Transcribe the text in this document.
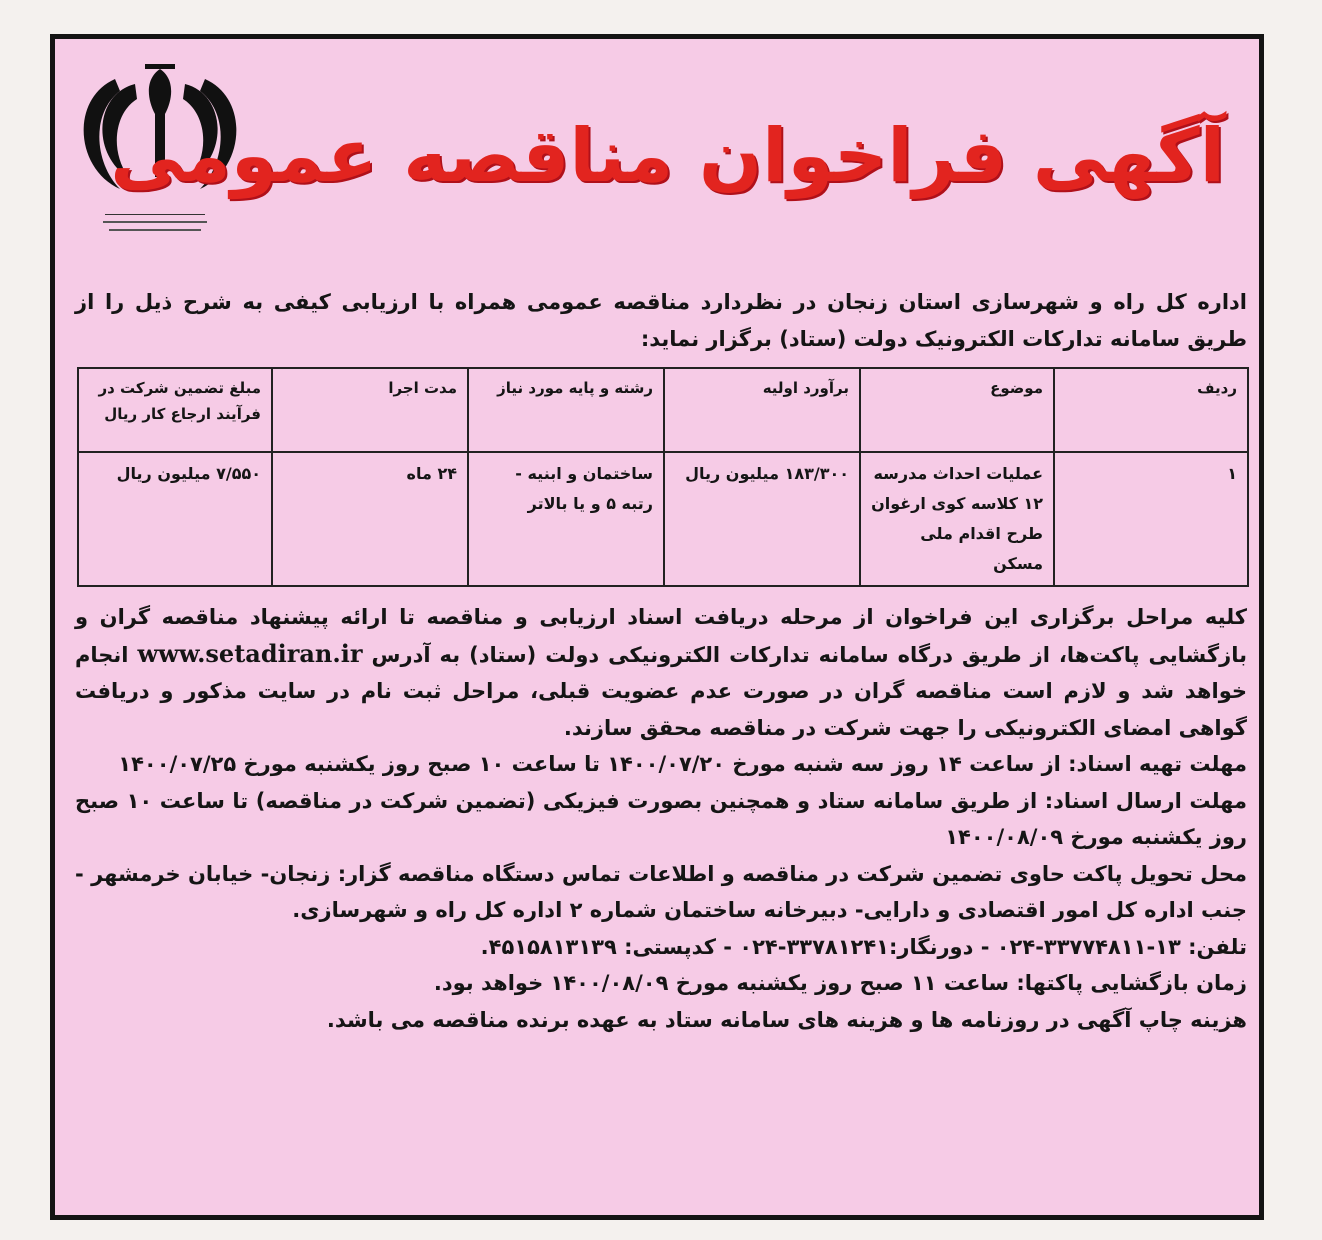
آگهی فراخوان مناقصه عمومی
اداره کل راه و شهرسازی استان زنجان در نظردارد مناقصه عمومی همراه با ارزیابی کیفی به شرح ذیل را از طریق سامانه تدارکات الکترونیک دولت (ستاد) برگزار نماید:
ردیف	موضوع	برآورد اولیه	رشته و پایه مورد نیاز	مدت اجرا	مبلغ تضمین شرکت در فرآیند ارجاع کار ریال
۱	عملیات احداث مدرسه ۱۲ کلاسه کوی ارغوان طرح اقدام ملی مسکن	۱۸۳/۳۰۰ میلیون ریال	ساختمان و ابنیه - رتبه ۵ و یا بالاتر	۲۴ ماه	۷/۵۵۰ میلیون ریال

کلیه مراحل برگزاری این فراخوان از مرحله دریافت اسناد ارزیابی و مناقصه تا ارائه پیشنهاد مناقصه گران و بازگشایی پاکت‌ها، از طریق درگاه سامانه تدارکات الکترونیکی دولت (ستاد) به آدرس www.setadiran.ir انجام خواهد شد و لازم است مناقصه گران در صورت عدم عضویت قبلی، مراحل ثبت نام در سایت مذکور و دریافت گواهی امضای الکترونیکی را جهت شرکت در مناقصه محقق سازند.

مهلت تهیه اسناد: از ساعت ۱۴ روز سه شنبه مورخ ۱۴۰۰/۰۷/۲۰ تا ساعت ۱۰ صبح روز یکشنبه مورخ ۱۴۰۰/۰۷/۲۵

مهلت ارسال اسناد: از طریق سامانه ستاد و همچنین بصورت فیزیکی (تضمین شرکت در مناقصه) تا ساعت ۱۰ صبح روز یکشنبه مورخ ۱۴۰۰/۰۸/۰۹

محل تحویل پاکت حاوی تضمین شرکت در مناقصه و اطلاعات تماس دستگاه مناقصه گزار: زنجان- خیابان خرمشهر - جنب اداره کل امور اقتصادی و دارایی- دبیرخانه ساختمان شماره ۲ اداره کل راه و شهرسازی.

تلفن: ۱۳-۳۳۷۷۴۸۱۱-۰۲۴ - دورنگار:۳۳۷۸۱۲۴۱-۰۲۴ - کدپستی: ۴۵۱۵۸۱۳۱۳۹.

زمان بازگشایی پاکتها: ساعت ۱۱ صبح روز یکشنبه مورخ ۱۴۰۰/۰۸/۰۹ خواهد بود.

هزینه چاپ آگهی در روزنامه ها و هزینه های سامانه ستاد به عهده برنده مناقصه می باشد.
